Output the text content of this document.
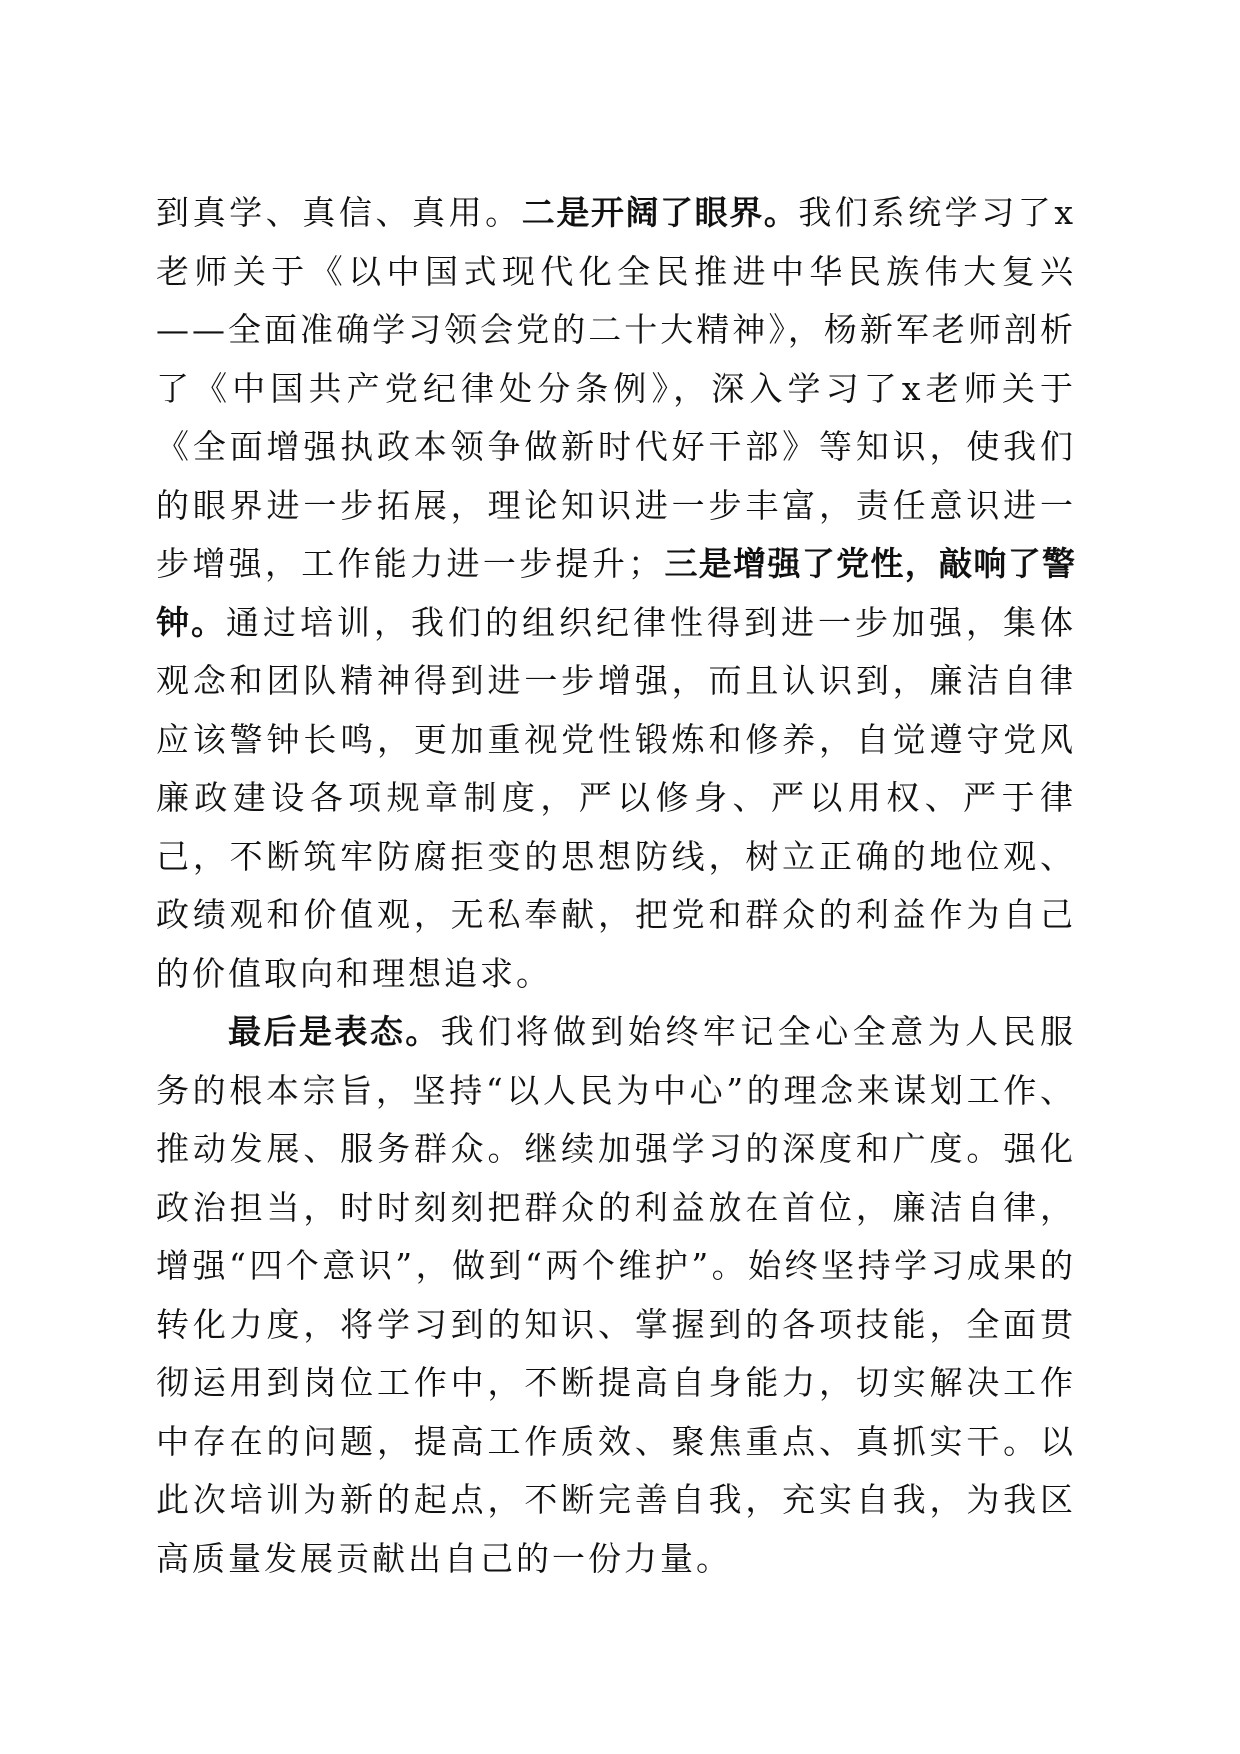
到真学、真信、真用。二是开阔了眼界。我们系统学习了x老师关于《以中国式现代化全民推进中华民族伟大复兴——全面准确学习领会党的二十大精神》，杨新军老师剖析了《中国共产党纪律处分条例》，深入学习了x老师关于《全面增强执政本领争做新时代好干部》等知识，使我们的眼界进一步拓展，理论知识进一步丰富，责任意识进一步增强，工作能力进一步提升；三是增强了党性，敲响了警钟。通过培训，我们的组织纪律性得到进一步加强，集体观念和团队精神得到进一步增强，而且认识到，廉洁自律应该警钟长鸣，更加重视党性锻炼和修养，自觉遵守党风廉政建设各项规章制度，严以修身、严以用权、严于律己，不断筑牢防腐拒变的思想防线，树立正确的地位观、政绩观和价值观，无私奉献，把党和群众的利益作为自己的价值取向和理想追求。

最后是表态。我们将做到始终牢记全心全意为人民服务的根本宗旨，坚持“以人民为中心”的理念来谋划工作、推动发展、服务群众。继续加强学习的深度和广度。强化政治担当，时时刻刻把群众的利益放在首位，廉洁自律，增强“四个意识”，做到“两个维护”。始终坚持学习成果的转化力度，将学习到的知识、掌握到的各项技能，全面贯彻运用到岗位工作中，不断提高自身能力，切实解决工作中存在的问题，提高工作质效、聚焦重点、真抓实干。以此次培训为新的起点，不断完善自我，充实自我，为我区高质量发展贡献出自己的一份力量。
